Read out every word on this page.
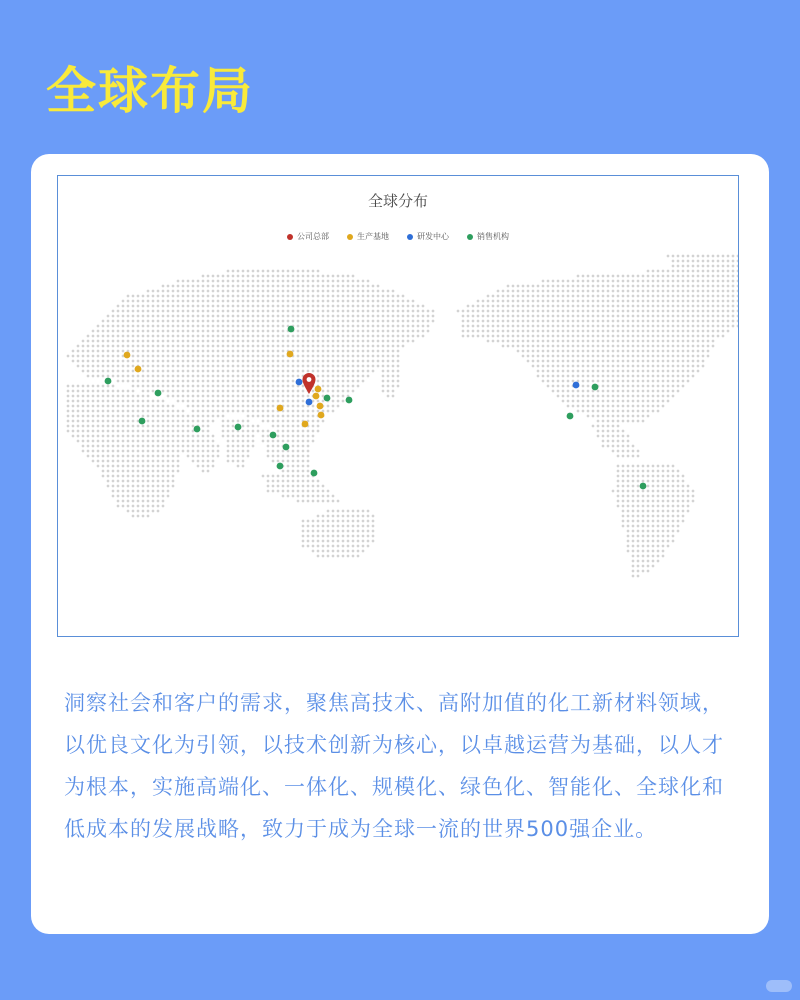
全球布局
全球分布
公司总部	生产基地	研发中心	销售机构

洞察社会和客户的需求，聚焦高技术、高附加值的化工新材料领域，以优良文化为引领，以技术创新为核心，以卓越运营为基础，以人才为根本，实施高端化、一体化、规模化、绿色化、智能化、全球化和低成本的发展战略，致力于成为全球一流的世界500强企业。
